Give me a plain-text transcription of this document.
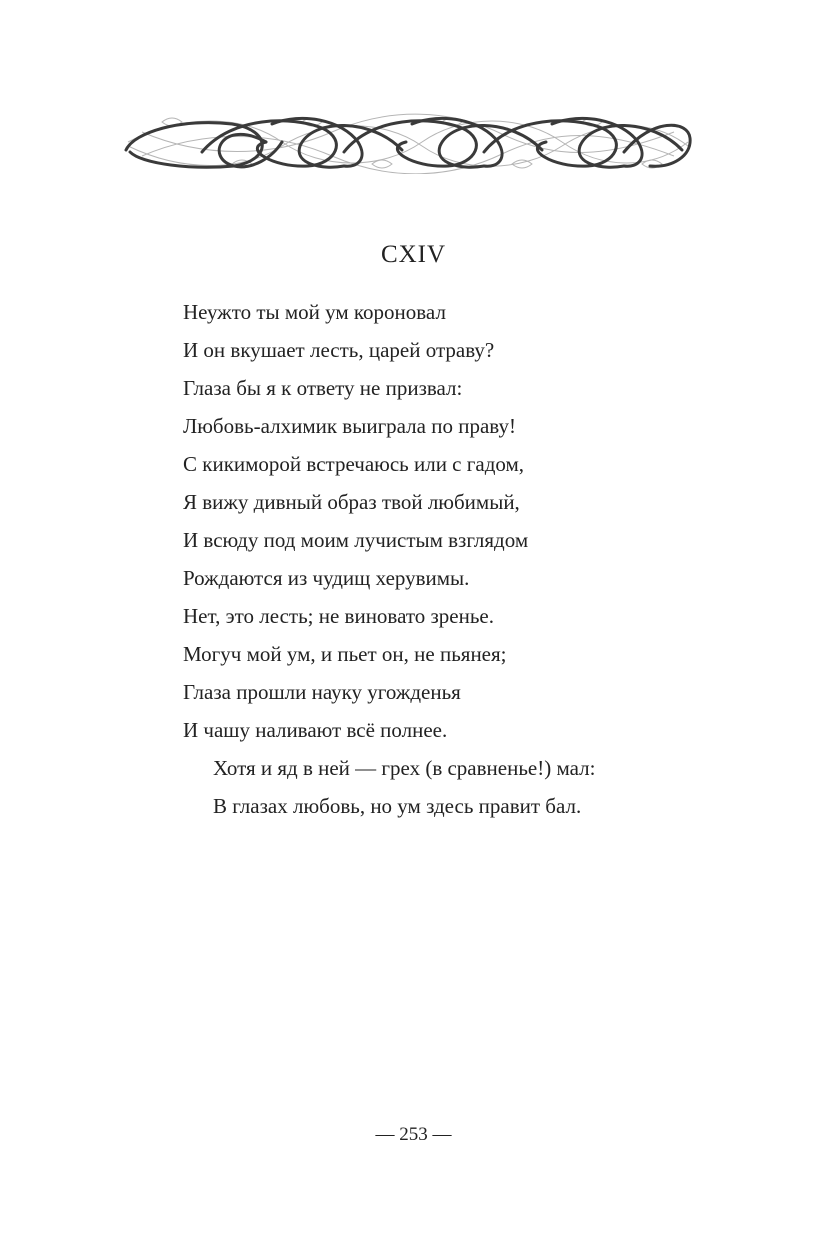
CXIV
Неужто ты мой ум короновал
И он вкушает лесть, царей отраву?
Глаза бы я к ответу не призвал:
Любовь-алхимик выиграла по праву!
С кикиморой встречаюсь или с гадом,
Я вижу дивный образ твой любимый,
И всюду под моим лучистым взглядом
Рождаются из чудищ херувимы.
Нет, это лесть; не виновато зренье.
Могуч мой ум, и пьет он, не пьянея;
Глаза прошли науку угожденья
И чашу наливают всё полнее.
Хотя и яд в ней — грех (в сравненье!) мал:
В глазах любовь, но ум здесь правит бал.
— 253 —
